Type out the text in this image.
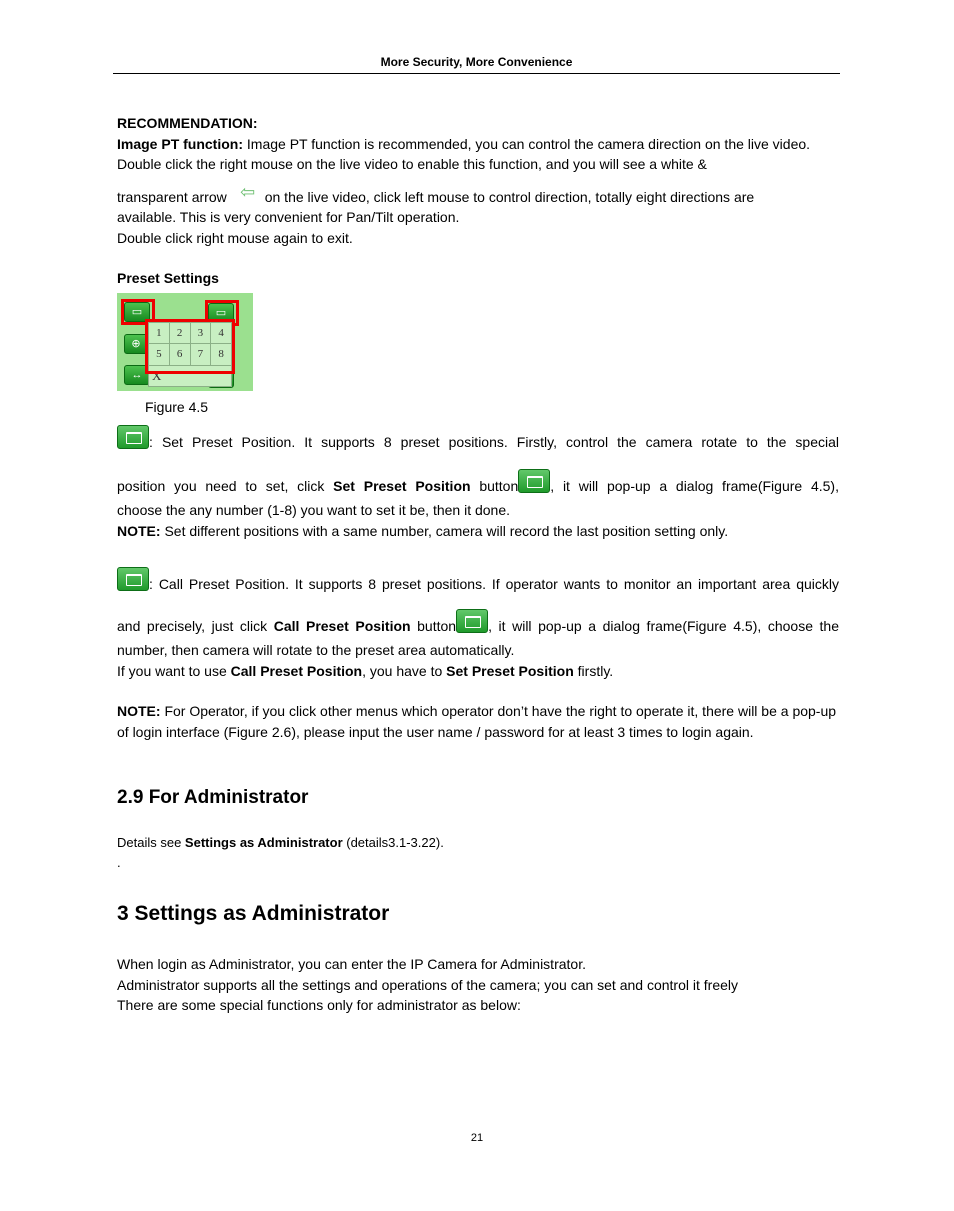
More Security, More Convenience

RECOMMENDATION:

Image PT function: Image PT function is recommended, you can control the camera direction on the live video. Double click the right mouse on the live video to enable this function, and you will see a white &

transparent arrow ⇦ on the live video, click left mouse to control direction, totally eight directions are

available. This is very convenient for Pan/Tilt operation.

Double click right mouse again to exit.

Preset Settings

▭	▭
⊕
↔
1	2	3	4
5	6	7	8
X			

Figure 4.5

: Set Preset Position. It supports 8 preset positions. Firstly, control the camera rotate to the special

position you need to set, click Set Preset Position button , it will pop-up a dialog frame(Figure 4.5),

choose the any number (1-8) you want to set it be, then it done.

NOTE: Set different positions with a same number, camera will record the last position setting only.

: Call Preset Position. It supports 8 preset positions. If operator wants to monitor an important area quickly

and precisely, just click Call Preset Position button , it will pop-up a dialog frame(Figure 4.5), choose the

number, then camera will rotate to the preset area automatically.

If you want to use Call Preset Position, you have to Set Preset Position firstly.

NOTE: For Operator, if you click other menus which operator don’t have the right to operate it, there will be a pop-up of login interface (Figure 2.6), please input the user name / password for at least 3 times to login again.

2.9 For Administrator

Details see Settings as Administrator (details3.1-3.22).

.

3 Settings as Administrator

When login as Administrator, you can enter the IP Camera for Administrator.

Administrator supports all the settings and operations of the camera; you can set and control it freely

There are some special functions only for administrator as below:

21
